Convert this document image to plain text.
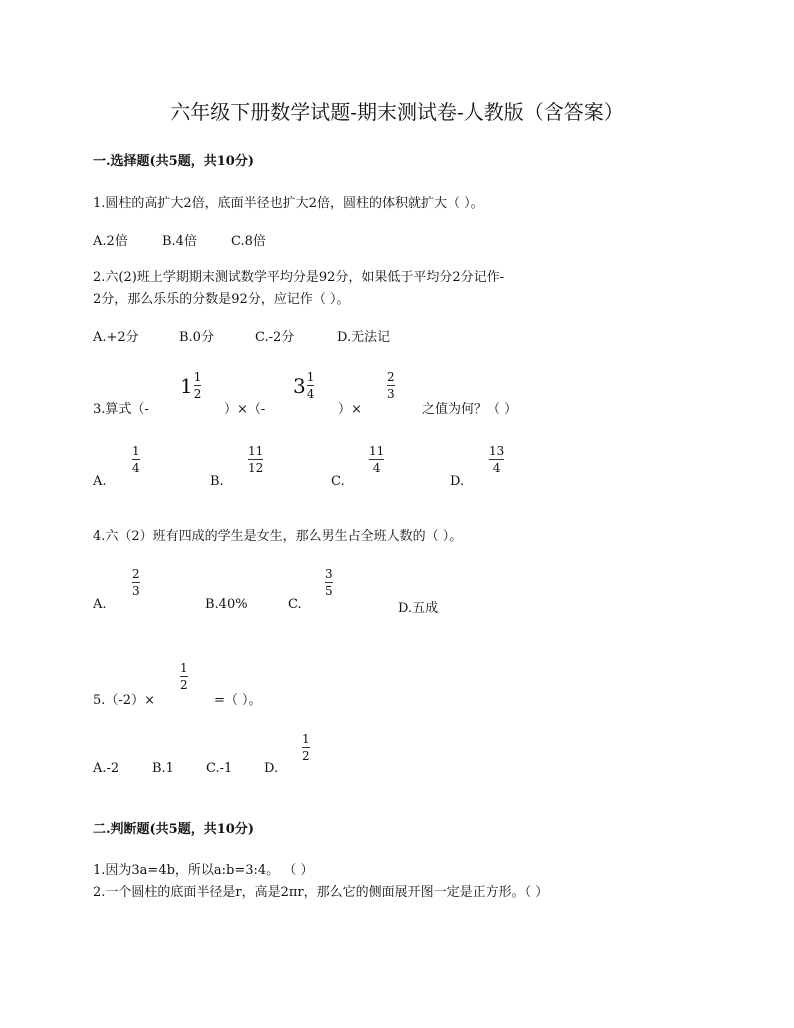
六年级下册数学试题-期末测试卷-人教版（含答案）
一.选择题(共5题，共10分)
1.圆柱的高扩大2倍，底面半径也扩大2倍，圆柱的体积就扩大（ ）。
A.2倍	B.4倍	C.8倍
2.六(2)班上学期期末测试数学平均分是92分，如果低于平均分2分记作-
2分，那么乐乐的分数是92分，应记作（ ）。
A.+2分	B.0分	C.-2分	D.无法记
3.算式（-
$1 \frac{1}{2}$
）×（-
$3 \frac{1}{4}$
）×
2
3
之值为何？（ ）
A.
1
4
B.
11
12
C.
11
4
D.
13
4
4.六（2）班有四成的学生是女生，那么男生占全班人数的（ ）。
A.
2
3
B.40%	C.
3
5
D.五成
5.（-2）×
1
2
=（ ）。
A.-2	B.1 C.-1 D.
1
2
二.判断题(共5题，共10分)
1.因为3a=4b，所以a:b=3:4。 （ ）
2.一个圆柱的底面半径是r，高是2πr，那么它的侧面展开图一定是正方形。（ ）
